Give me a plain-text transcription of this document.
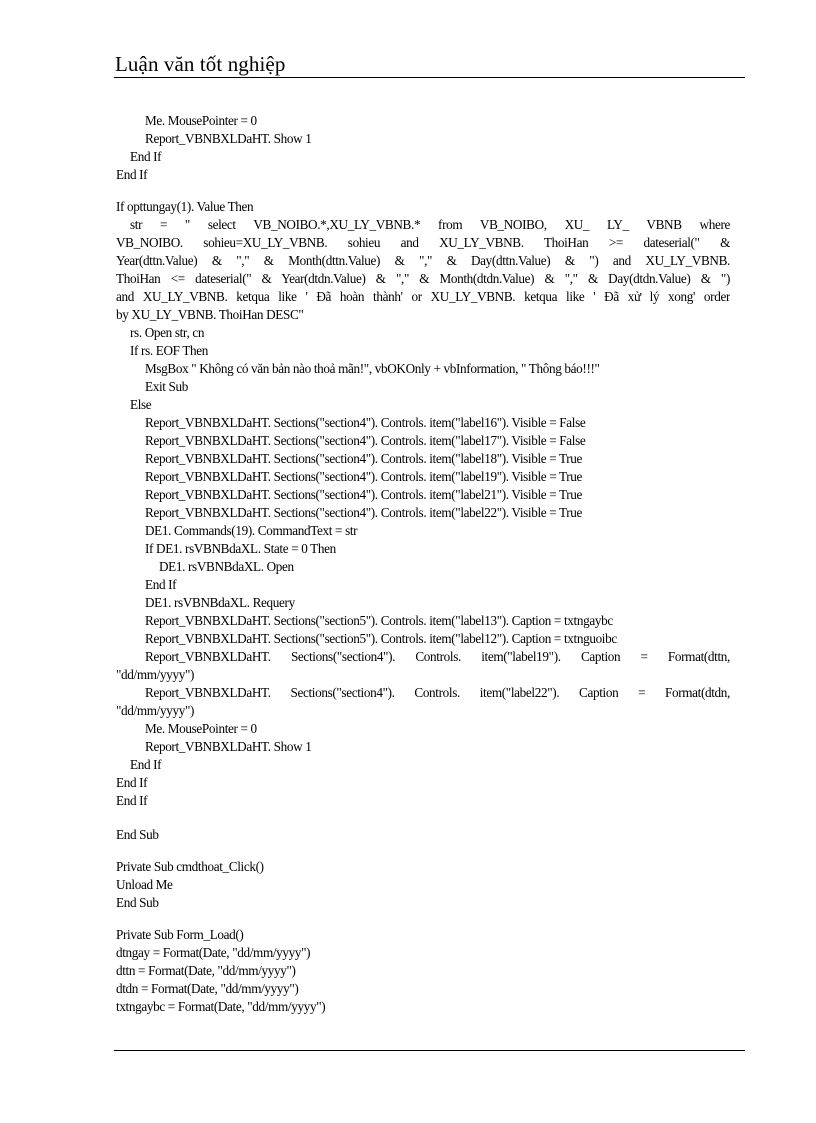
Luận văn tốt nghiệp
Me. MousePointer = 0
Report_VBNBXLDaHT. Show 1
End If
End If
If opttungay(1). Value Then
str = " select VB_NOIBO.*,XU_LY_VBNB.* from VB_NOIBO, XU_ LY_ VBNB where
VB_NOIBO. sohieu=XU_LY_VBNB. sohieu and XU_LY_VBNB. ThoiHan >= dateserial(" &
Year(dttn.Value) & "," & Month(dttn.Value) & "," & Day(dttn.Value) & ") and XU_LY_VBNB.
ThoiHan <= dateserial(" & Year(dtdn.Value) & "," & Month(dtdn.Value) & "," & Day(dtdn.Value) & ")
and XU_LY_VBNB. ketqua like ' Đã hoàn thành' or XU_LY_VBNB. ketqua like ' Đã xử lý xong' order
by XU_LY_VBNB. ThoiHan DESC"
rs. Open str, cn
If rs. EOF Then
MsgBox " Không có văn bản nào thoả mãn!", vbOKOnly + vbInformation, " Thông báo!!!"
Exit Sub
Else
Report_VBNBXLDaHT. Sections("section4"). Controls. item("label16"). Visible = False
Report_VBNBXLDaHT. Sections("section4"). Controls. item("label17"). Visible = False
Report_VBNBXLDaHT. Sections("section4"). Controls. item("label18"). Visible = True
Report_VBNBXLDaHT. Sections("section4"). Controls. item("label19"). Visible = True
Report_VBNBXLDaHT. Sections("section4"). Controls. item("label21"). Visible = True
Report_VBNBXLDaHT. Sections("section4"). Controls. item("label22"). Visible = True
DE1. Commands(19). CommandText = str
If DE1. rsVBNBdaXL. State = 0 Then
DE1. rsVBNBdaXL. Open
End If
DE1. rsVBNBdaXL. Requery
Report_VBNBXLDaHT. Sections("section5"). Controls. item("label13"). Caption = txtngaybc
Report_VBNBXLDaHT. Sections("section5"). Controls. item("label12"). Caption = txtnguoibc
Report_VBNBXLDaHT. Sections("section4"). Controls. item("label19"). Caption = Format(dttn,
"dd/mm/yyyy")
Report_VBNBXLDaHT. Sections("section4"). Controls. item("label22"). Caption = Format(dtdn,
"dd/mm/yyyy")
Me. MousePointer = 0
Report_VBNBXLDaHT. Show 1
End If
End If
End If
End Sub
Private Sub cmdthoat_Click()
Unload Me
End Sub
Private Sub Form_Load()
dtngay = Format(Date, "dd/mm/yyyy")
dttn = Format(Date, "dd/mm/yyyy")
dtdn = Format(Date, "dd/mm/yyyy")
txtngaybc = Format(Date, "dd/mm/yyyy")
